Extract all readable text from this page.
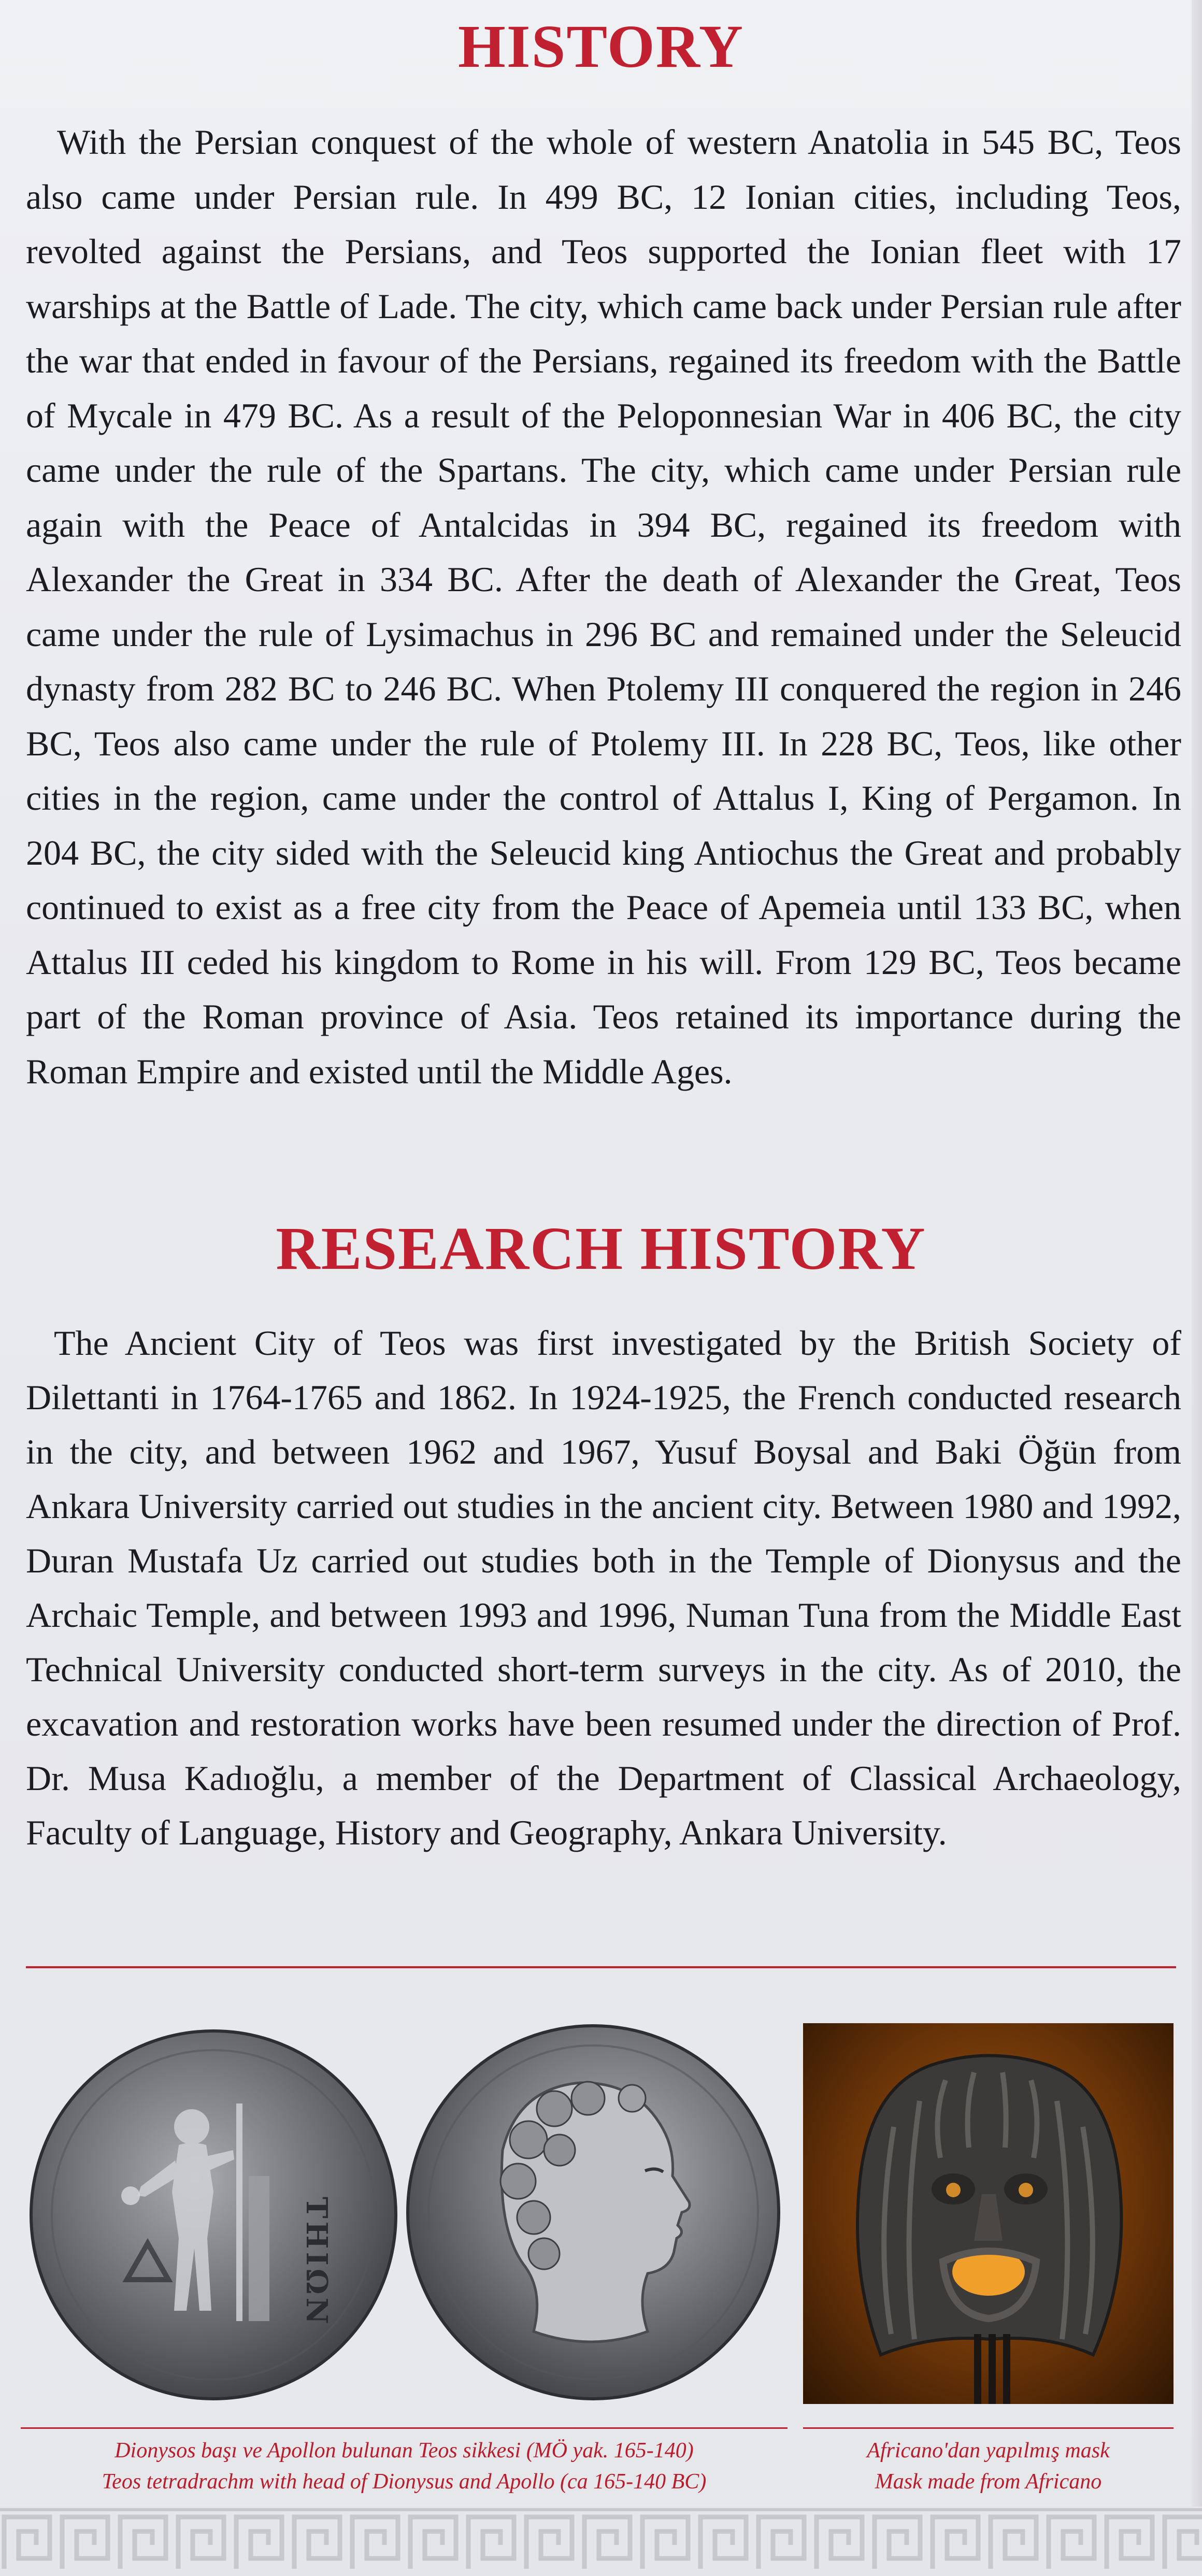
HISTORY

With the Persian conquest of the whole of western Anatolia in 545 BC, Teos also came under Persian rule. In 499 BC, 12 Ionian cities, including Teos, revolted against the Persians, and Teos supported the Ionian fleet with 17 warships at the Battle of Lade. The city, which came back under Persian rule after the war that ended in favour of the Persians, regained its freedom with the Battle of Mycale in 479 BC. As a result of the Peloponnesian War in 406 BC, the city came under the rule of the Spartans. The city, which came under Persian rule again with the Peace of Antalcidas in 394 BC, regained its freedom with Alexander the Great in 334 BC. After the death of Alexander the Great, Teos came under the rule of Lysimachus in 296 BC and remained under the Seleucid dynasty from 282 BC to 246 BC. When Ptolemy III conquered the region in 246 BC, Teos also came under the rule of Ptolemy III. In 228 BC, Teos, like other cities in the region, came under the control of Attalus I, King of Pergamon. In 204 BC, the city sided with the Seleucid king Antiochus the Great and probably continued to exist as a free city from the Peace of Apemeia until 133 BC, when Attalus III ceded his kingdom to Rome in his will. From 129 BC, Teos became part of the Roman province of Asia. Teos retained its importance during the Roman Empire and existed until the Middle Ages.

RESEARCH HISTORY

The Ancient City of Teos was first investigated by the British Society of Dilettanti in 1764-1765 and 1862. In 1924-1925, the French conducted research in the city, and between 1962 and 1967, Yusuf Boysal and Baki Öğün from Ankara University carried out studies in the ancient city. Between 1980 and 1992, Duran Mustafa Uz carried out studies both in the Temple of Dionysus and the Archaic Temple, and between 1993 and 1996, Numan Tuna from the Middle East Technical University conducted short-term surveys in the city. As of 2010, the excavation and restoration works have been resumed under the direction of Prof. Dr. Musa Kadıoğlu, a member of the Department of Classical Archaeology, Faculty of Language, History and Geography, Ankara University.

ΤΗΙΩΝ
Dionysos başı ve Apollon bulunan Teos sikkesi (MÖ yak. 165-140)
Teos tetradrachm with head of Dionysus and Apollo (ca 165-140 BC)
Africano'dan yapılmış mask
Mask made from Africano
